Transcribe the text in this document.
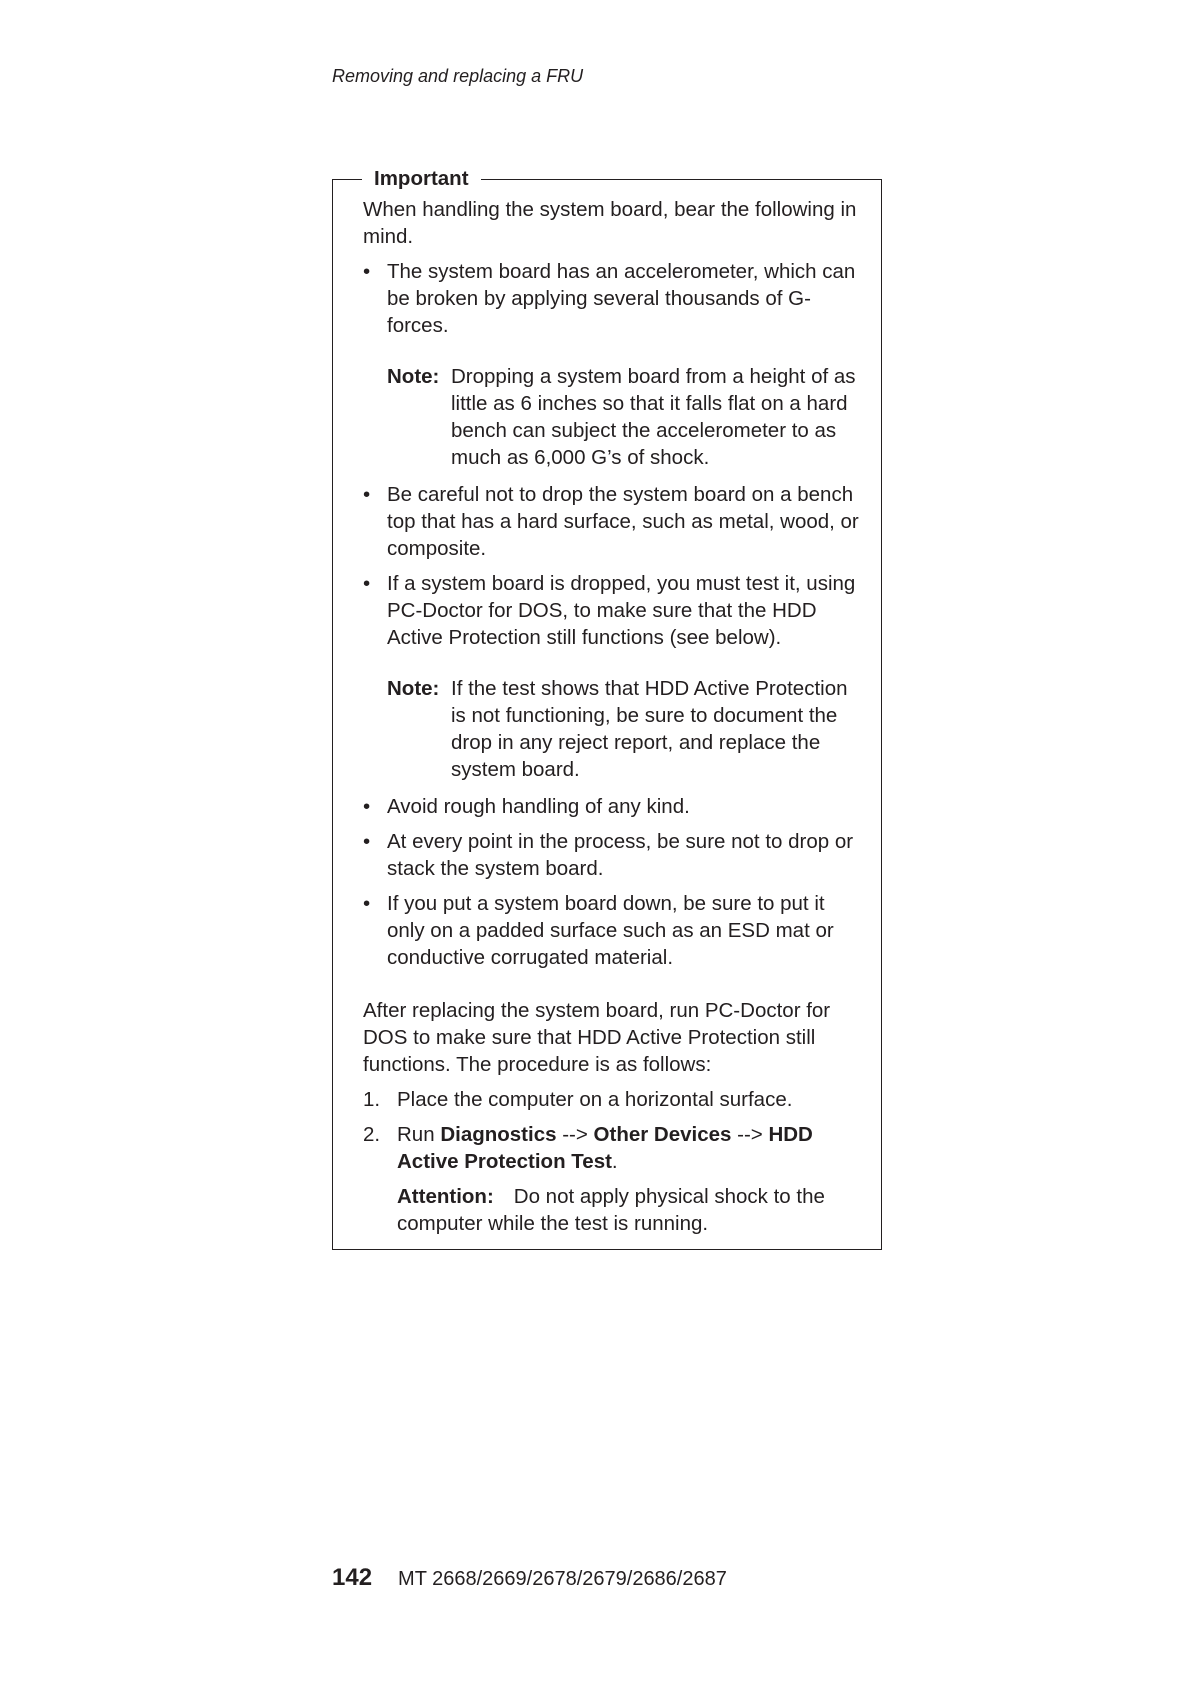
Removing and replacing a FRU
Important

When handling the system board, bear the following in mind.

• The system board has an accelerometer, which can be broken by applying several thousands of G-forces.
Note: Dropping a system board from a height of as little as 6 inches so that it falls flat on a hard bench can subject the accelerometer to as much as 6,000 G’s of shock.
• Be careful not to drop the system board on a bench top that has a hard surface, such as metal, wood, or composite.
• If a system board is dropped, you must test it, using PC-Doctor for DOS, to make sure that the HDD Active Protection still functions (see below).
Note: If the test shows that HDD Active Protection is not functioning, be sure to document the drop in any reject report, and replace the system board.
• Avoid rough handling of any kind.
• At every point in the process, be sure not to drop or stack the system board.
• If you put a system board down, be sure to put it only on a padded surface such as an ESD mat or conductive corrugated material.

After replacing the system board, run PC-Doctor for DOS to make sure that HDD Active Protection still functions. The procedure is as follows:

1. Place the computer on a horizontal surface.
2. Run Diagnostics --> Other Devices --> HDD Active Protection Test.

Attention: Do not apply physical shock to the computer while the test is running.

142 MT 2668/2669/2678/2679/2686/2687
